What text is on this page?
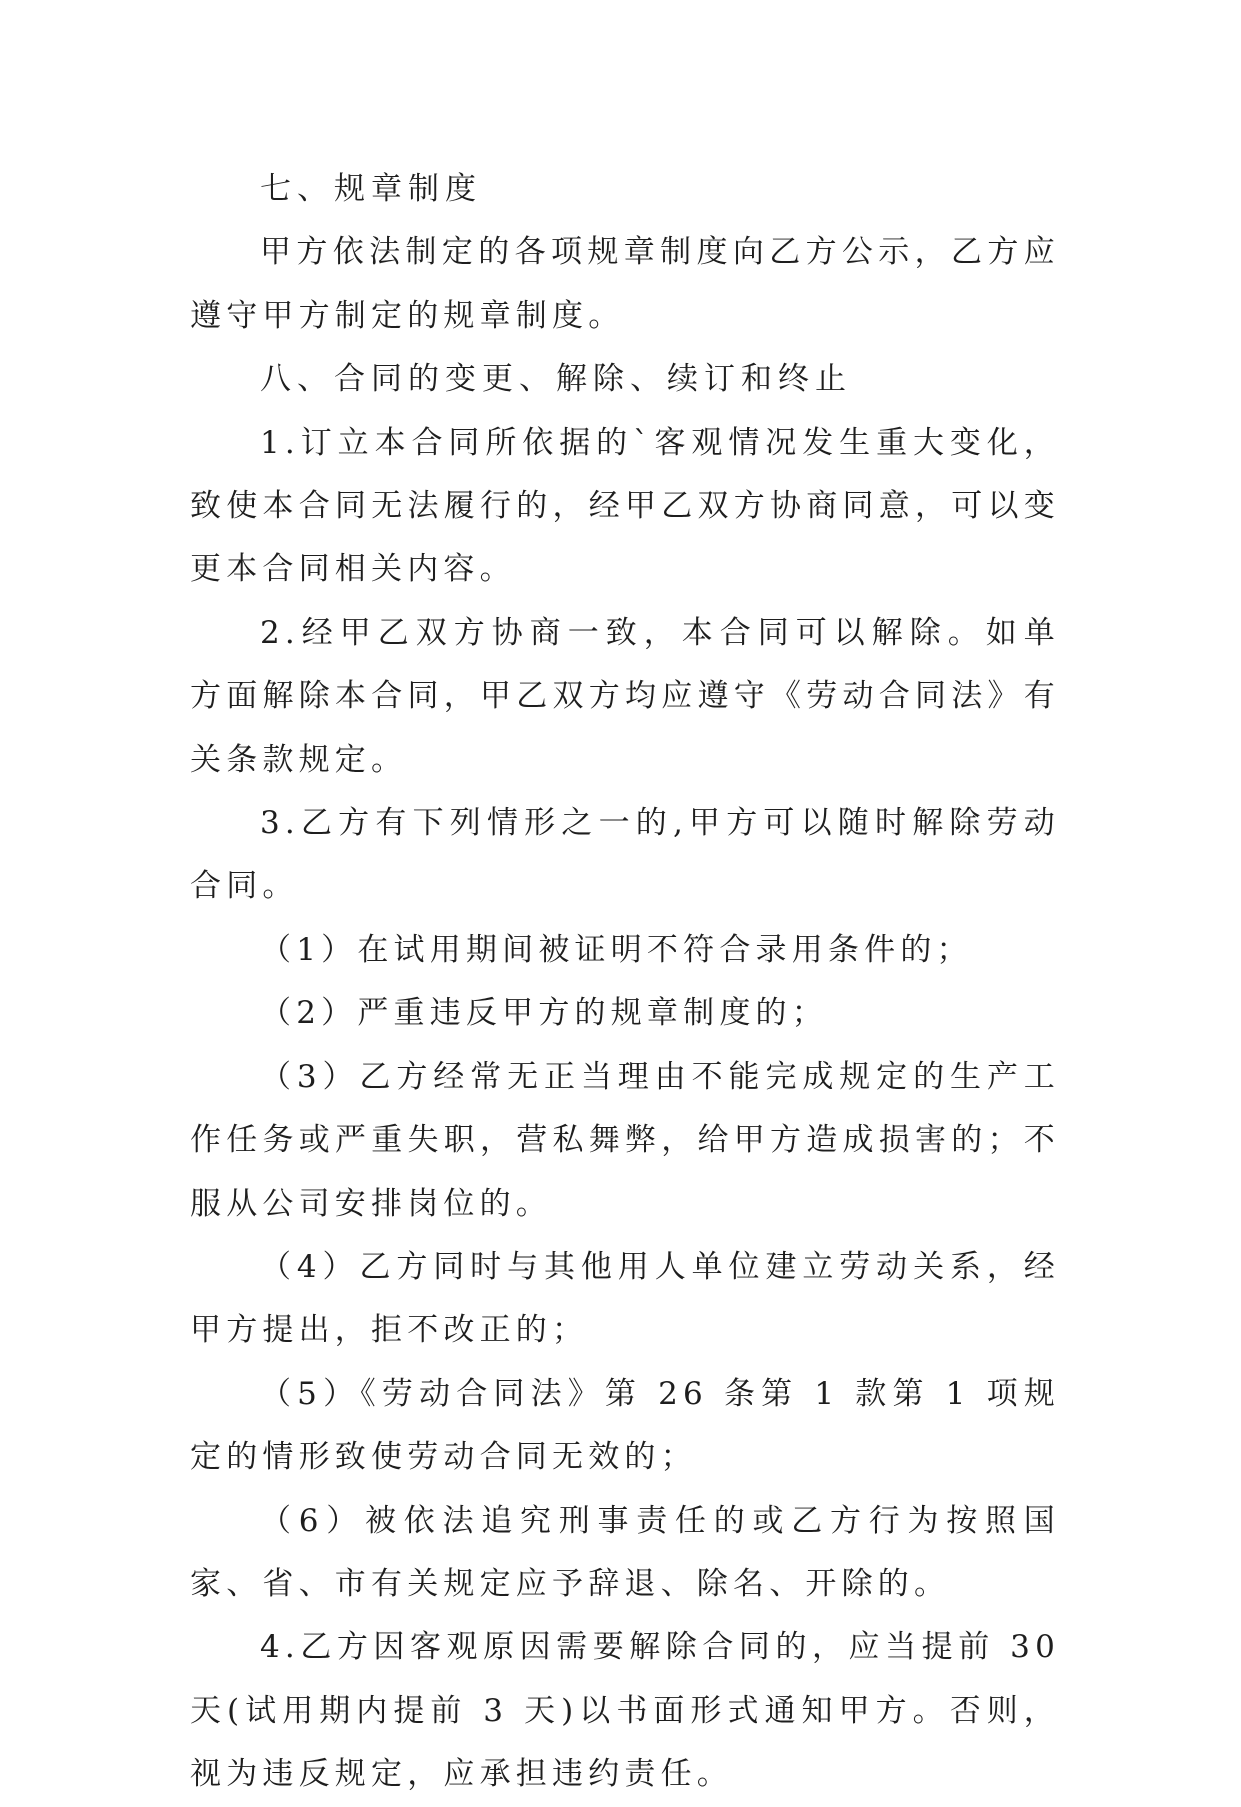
七、规章制度

甲方依法制定的各项规章制度向乙方公示，乙方应遵守甲方制定的规章制度。

八、合同的变更、解除、续订和终止

1.订立本合同所依据的`客观情况发生重大变化，致使本合同无法履行的，经甲乙双方协商同意，可以变更本合同相关内容。

2.经甲乙双方协商一致，本合同可以解除。如单方面解除本合同，甲乙双方均应遵守《劳动合同法》有关条款规定。

3.乙方有下列情形之一的,甲方可以随时解除劳动合同。

（1）在试用期间被证明不符合录用条件的；

（2）严重违反甲方的规章制度的；

（3）乙方经常无正当理由不能完成规定的生产工作任务或严重失职，营私舞弊，给甲方造成损害的；不服从公司安排岗位的。

（4）乙方同时与其他用人单位建立劳动关系，经甲方提出，拒不改正的；

（5）《劳动合同法》第 26 条第 1 款第 1 项规定的情形致使劳动合同无效的；

（6）被依法追究刑事责任的或乙方行为按照国家、省、市有关规定应予辞退、除名、开除的。

4.乙方因客观原因需要解除合同的，应当提前 30 天(试用期内提前 3 天)以书面形式通知甲方。否则，视为违反规定，应承担违约责任。
